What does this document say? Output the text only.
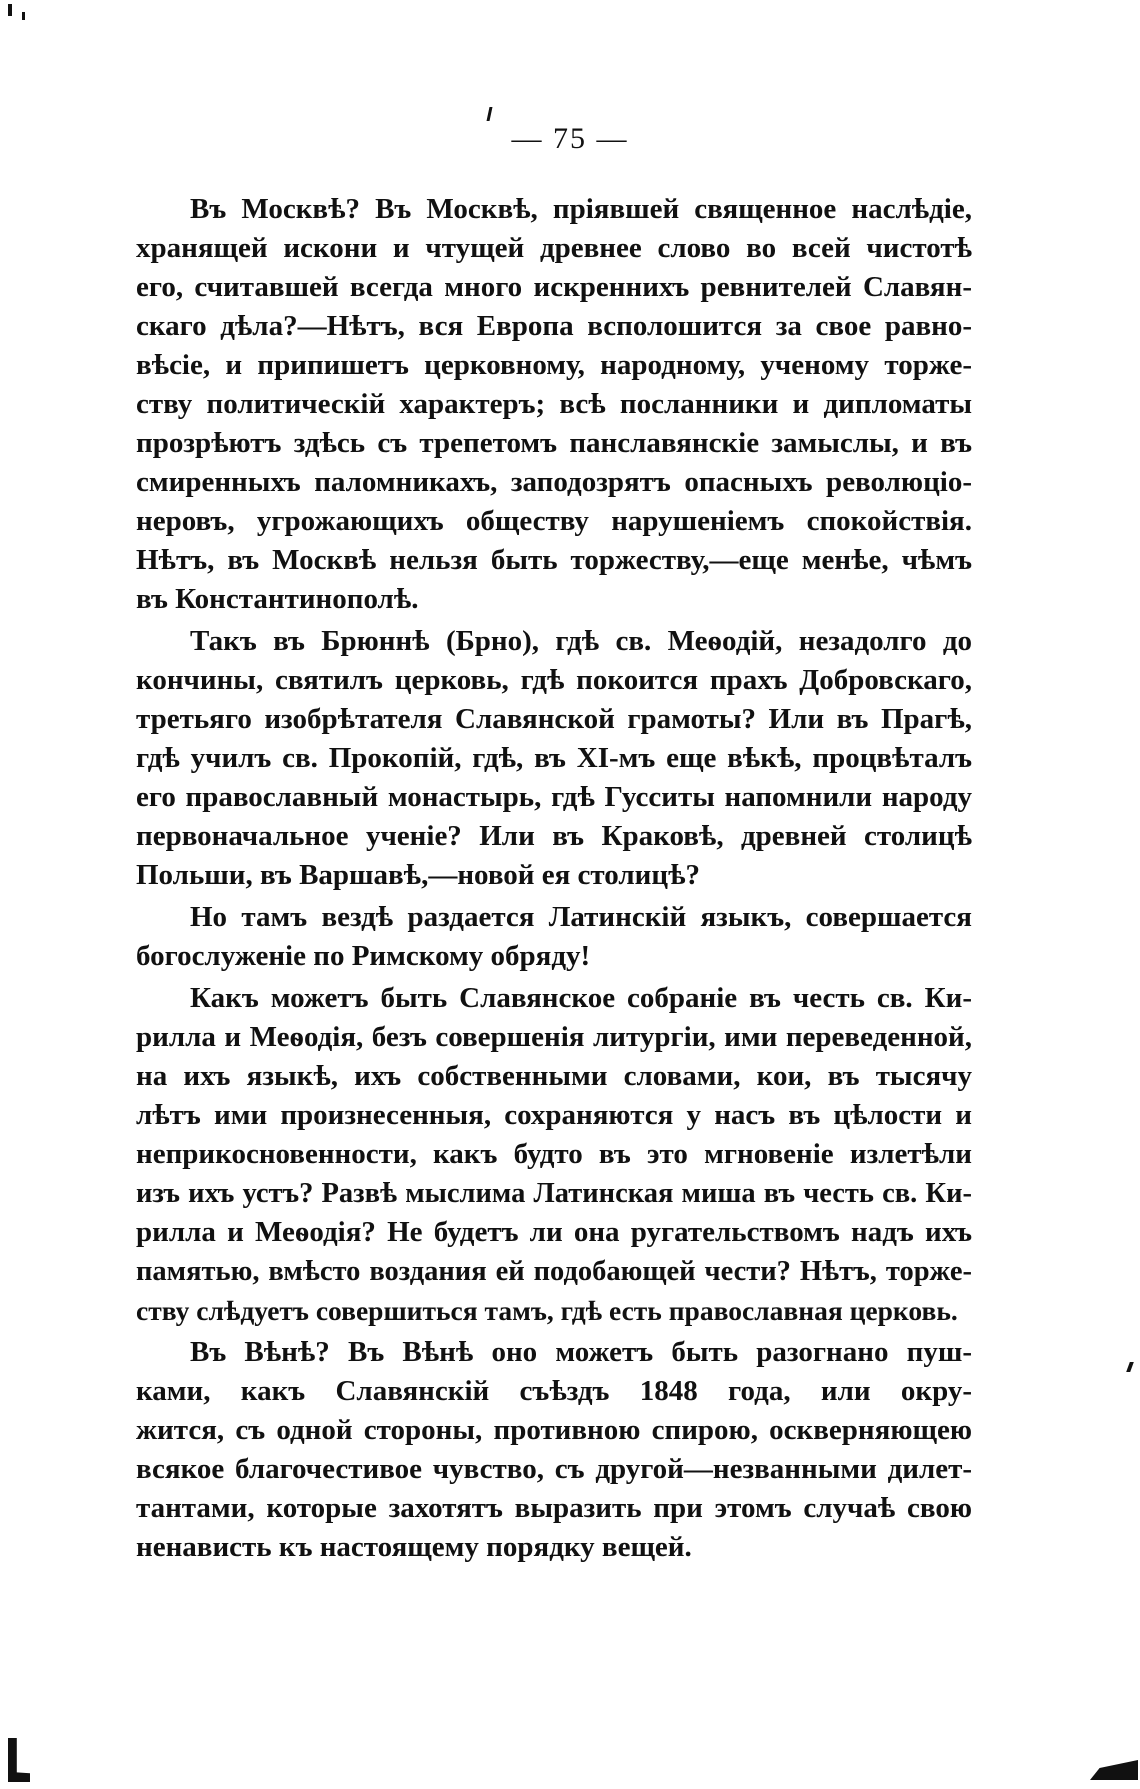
— 75 —
Въ Москвѣ? Въ Москвѣ, пріявшей священное наслѣдіе,
хранящей искони и чтущей древнее слово во всей чистотѣ
его, считавшей всегда много искреннихъ ревнителей Славян-
скаго дѣла?—Нѣтъ, вся Европа всполошится за свое равно-
вѣсіе, и припишетъ церковному, народному, ученому торже-
ству политическій характеръ; всѣ посланники и дипломаты
прозрѣютъ здѣсь съ трепетомъ панславянскіе замыслы, и въ
смиренныхъ паломникахъ, заподозрятъ опасныхъ революціо-
неровъ, угрожающихъ обществу нарушеніемъ спокойствія.
Нѣтъ, въ Москвѣ нельзя быть торжеству,—еще менѣе, чѣмъ
въ Константинополѣ.
Такъ въ Брюннѣ (Брно), гдѣ св. Меѳодій, незадолго до
кончины, святилъ церковь, гдѣ покоится прахъ Добровскаго,
третьяго изобрѣтателя Славянской грамоты? Или въ Прагѣ,
гдѣ училъ св. Прокопій, гдѣ, въ XI-мъ еще вѣкѣ, процвѣталъ
его православный монастырь, гдѣ Гусситы напомнили народу
первоначальное ученіе? Или въ Краковѣ, древней столицѣ
Польши, въ Варшавѣ,—новой ея столицѣ?
Но тамъ вездѣ раздается Латинскій языкъ, совершается
богослуженіе по Римскому обряду!
Какъ можетъ быть Славянское собраніе въ честь св. Ки-
рилла и Меѳодія, безъ совершенія литургіи, ими переведенной,
на ихъ языкѣ, ихъ собственными словами, кои, въ тысячу
лѣтъ ими произнесенныя, сохраняются у насъ въ цѣлости и
неприкосновенности, какъ будто въ это мгновеніе излетѣли
изъ ихъ устъ? Развѣ мыслима Латинская миша въ честь св. Ки-
рилла и Меѳодія? Не будетъ ли она ругательствомъ надъ ихъ
памятью, вмѣсто воздания ей подобающей чести? Нѣтъ, торже-
ству слѣдуетъ совершиться тамъ, гдѣ есть православная церковь.
Въ Вѣнѣ? Въ Вѣнѣ оно можетъ быть разогнано пуш-
ками, какъ Славянскій съѣздъ 1848 года, или окру-
жится, съ одной стороны, противною спирою, оскверняющею
всякое благочестивое чувство, съ другой—незванными дилет-
тантами, которые захотятъ выразить при этомъ случаѣ свою
ненависть къ настоящему порядку вещей.
